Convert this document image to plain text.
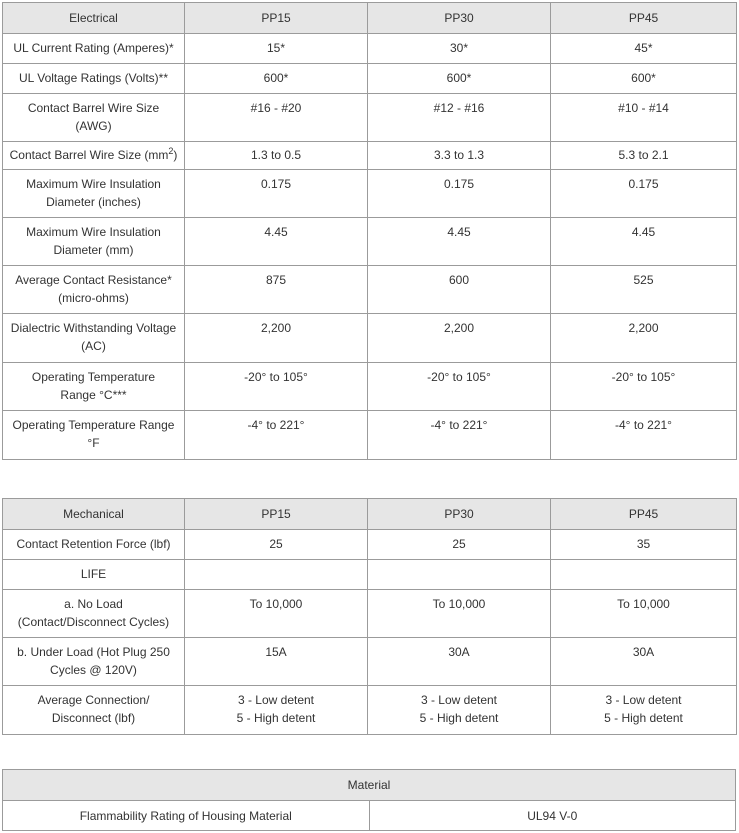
Electrical	PP15	PP30	PP45

UL Current Rating (Amperes)*	15*	30*	45*

UL Voltage Ratings (Volts)**	600*	600*	600*

Contact Barrel Wire Size
(AWG)	#16 - #20	#12 - #16	#10 - #14
Contact Barrel Wire Size $(mm^2)$	1.3 to 0.5	3.3 to 1.3	5.3 to 2.1

Maximum Wire Insulation
Diameter (inches)	0.175	0.175	0.175

Maximum Wire Insulation
Diameter (mm)	4.45	4.45	4.45

Average Contact Resistance*
(micro-ohms)	875	600	525

Dialectric Withstanding Voltage
(AC)	2,200	2,200	2,200

Operating Temperature
Range °C***	-20° to 105°	-20° to 105°	-20° to 105°

Operating Temperature Range
°F	-4° to 221°	-4° to 221°	-4° to 221°
Mechanical	PP15	PP30	PP45

Contact Retention Force (lbf)	25	25	35

LIFE			

a. No Load
(Contact/Disconnect Cycles)	To 10,000	To 10,000	To 10,000

b. Under Load (Hot Plug 250
Cycles @ 120V)	15A	30A	30A

Average Connection/
Disconnect (lbf)	3 - Low detent
5 - High detent	3 - Low detent
5 - High detent	3 - Low detent
5 - High detent
Material
Flammability Rating of Housing Material	UL94 V-0
